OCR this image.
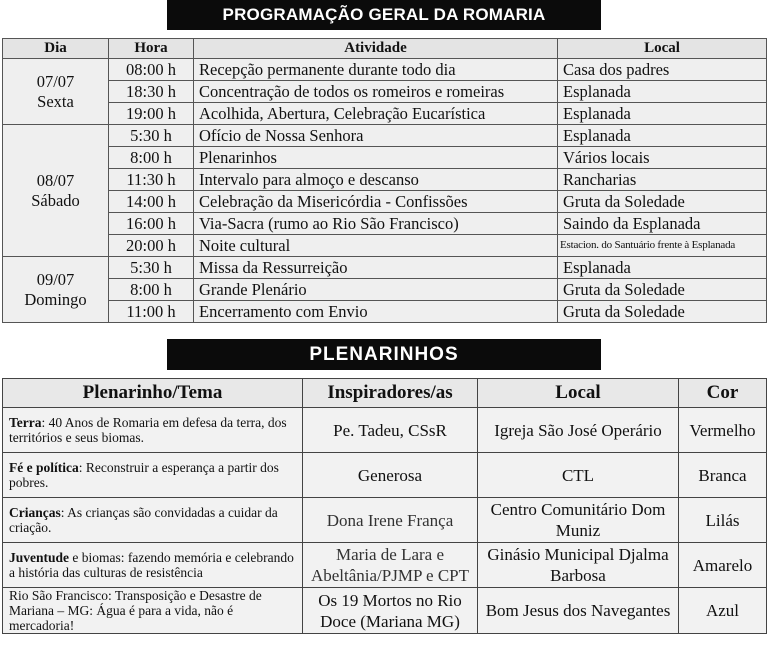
PROGRAMAÇÃO GERAL DA ROMARIA
Dia	Hora	Atividade	Local

07/07
Sexta	08:00 h	Recepção permanente durante todo dia	Casa dos padres
	18:30 h	Concentração de todos os romeiros e romeiras	Esplanada
	19:00 h	Acolhida, Abertura, Celebração Eucarística	Esplanada

08/07
Sábado	5:30 h	Ofício de Nossa Senhora	Esplanada
	8:00 h	Plenarinhos	Vários locais
	11:30 h	Intervalo para almoço e descanso	Rancharias
	14:00 h	Celebração da Misericórdia - Confissões	Gruta da Soledade
	16:00 h	Via-Sacra (rumo ao Rio São Francisco)	Saindo da Esplanada
	20:00 h	Noite cultural	Estacion. do Santuário frente à Esplanada

09/07
Domingo	5:30 h	Missa da Ressurreição	Esplanada
	8:00 h	Grande Plenário	Gruta da Soledade
	11:00 h	Encerramento com Envio	Gruta da Soledade
PLENARINHOS
Plenarinho/Tema	Inspiradores/as	Local	Cor
Terra: 40 Anos de Romaria em defesa da terra, dos territórios e seus biomas.	Pe. Tadeu, CSsR	Igreja São José Operário	Vermelho
Fé e política: Reconstruir a esperança a partir dos pobres.	Generosa	CTL	Branca
Crianças: As crianças são convidadas a cuidar da criação.	Dona Irene França	Centro Comunitário Dom Muniz	Lilás
Juventude e biomas: fazendo memória e celebrando a história das culturas de resistência	Maria de Lara e Abeltânia/PJMP e CPT	Ginásio Municipal Djalma Barbosa	Amarelo
Rio São Francisco: Transposição e Desastre de Mariana – MG: Água é para a vida, não é mercadoria!	Os 19 Mortos no Rio Doce (Mariana MG)	Bom Jesus dos Navegantes	Azul
